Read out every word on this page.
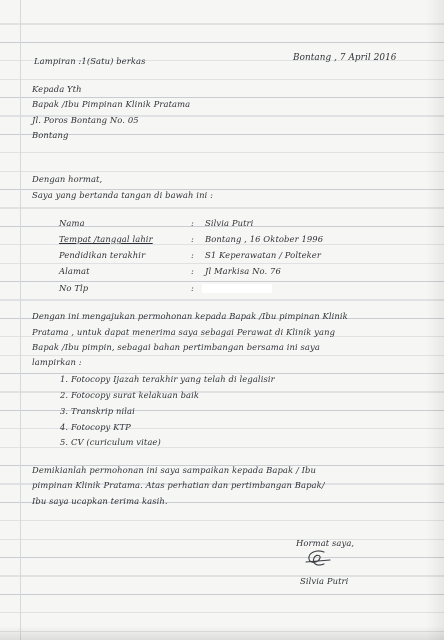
Lampiran :1(Satu) berkas	Bontang , 7 April 2016
Kepada Yth
Bapak /Ibu Pimpinan Klinik Pratama
Jl. Poros Bontang No. 05
Bontang
Dengan hormat,
Saya yang bertanda tangan di bawah ini :
Nama	: Silvia Putri
Tempat /tanggal lahir	: Bontang , 16 Oktober 1996
Pendidikan terakhir	: S1 Keperawatan / Polteker
Alamat	: Jl Markisa No. 76
No Tlp	:
Dengan ini mengajukan permohonan kepada Bapak /Ibu pimpinan Klinik
Pratama , untuk dapat menerima saya sebagai Perawat di Klinik yang
Bapak /Ibu pimpin, sebagai bahan pertimbangan bersama ini saya
lampirkan :
1. Fotocopy Ijazah terakhir yang telah di legalisir
2. Fotocopy surat kelakuan baik
3. Transkrip nilai
4. Fotocopy KTP
5. CV (curiculum vitae)
Demikianlah permohonan ini saya sampaikan kepada Bapak / Ibu
pimpinan Klinik Pratama. Atas perhatian dan pertimbangan Bapak/
Ibu saya ucapkan terima kasih.
Hormat saya,
Silvia Putri
